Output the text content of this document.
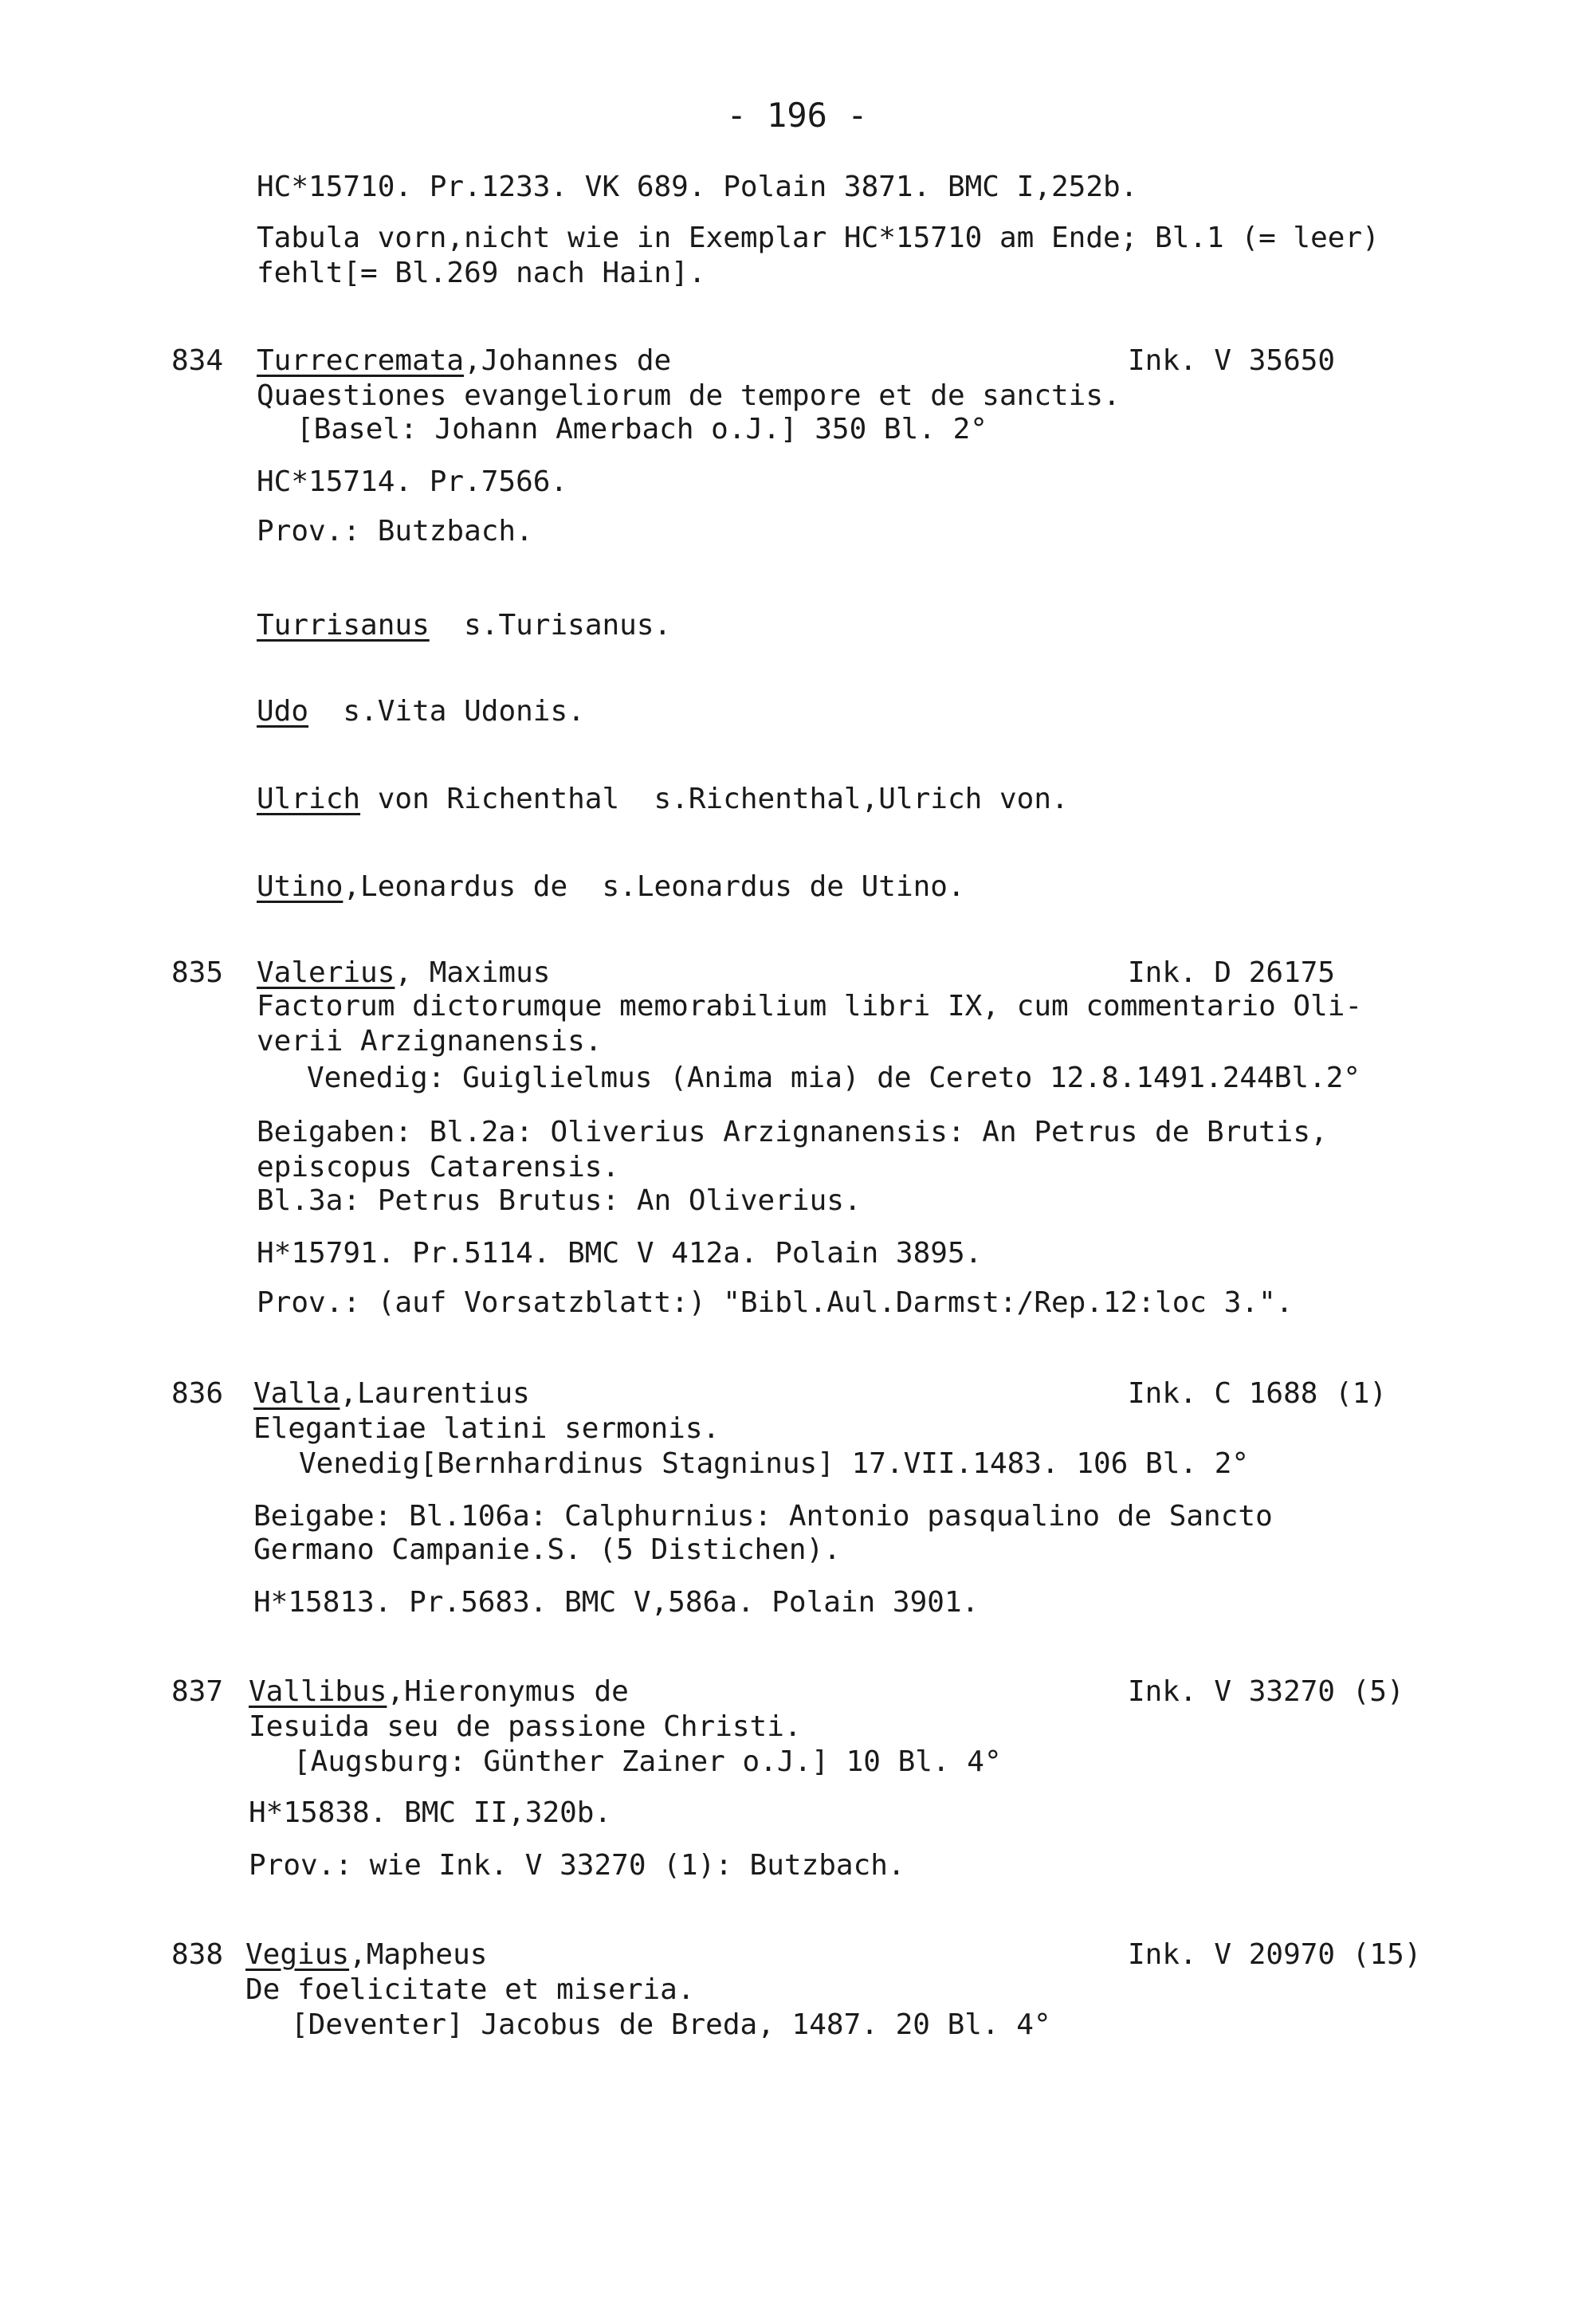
- 196 -
HC*15710. Pr.1233. VK 689. Polain 3871. BMC I,252b.
Tabula vorn,nicht wie in Exemplar HC*15710 am Ende; Bl.1 (= leer)
fehlt[= Bl.269 nach Hain].
834 Turrecremata,Johannes de	Ink. V 35650
Quaestiones evangeliorum de tempore et de sanctis.
[Basel: Johann Amerbach o.J.] 350 Bl. 2°
HC*15714. Pr.7566.
Prov.: Butzbach.
Turrisanus s.Turisanus.
Udo s.Vita Udonis.
Ulrich von Richenthal s.Richenthal,Ulrich von.
Utino,Leonardus de s.Leonardus de Utino.
835 Valerius, Maximus	Ink. D 26175
Factorum dictorumque memorabilium libri IX, cum commentario Oli-
verii Arzignanensis.
Venedig: Guiglielmus (Anima mia) de Cereto 12.8.1491.244Bl.2°
Beigaben: Bl.2a: Oliverius Arzignanensis: An Petrus de Brutis,
episcopus Catarensis.
Bl.3a: Petrus Brutus: An Oliverius.
H*15791. Pr.5114. BMC V 412a. Polain 3895.
Prov.: (auf Vorsatzblatt:) "Bibl.Aul.Darmst:/Rep.12:loc 3.".
836 Valla,Laurentius	Ink. C 1688 (1)
Elegantiae latini sermonis.
Venedig[Bernhardinus Stagninus] 17.VII.1483. 106 Bl. 2°
Beigabe: Bl.106a: Calphurnius: Antonio pasqualino de Sancto
Germano Campanie.S. (5 Distichen).
H*15813. Pr.5683. BMC V,586a. Polain 3901.
837 Vallibus,Hieronymus de	Ink. V 33270 (5)
Iesuida seu de passione Christi.
[Augsburg: Günther Zainer o.J.] 10 Bl. 4°
H*15838. BMC II,320b.
Prov.: wie Ink. V 33270 (1): Butzbach.
838 Vegius,Mapheus	Ink. V 20970 (15)
De foelicitate et miseria.
[Deventer] Jacobus de Breda, 1487. 20 Bl. 4°
